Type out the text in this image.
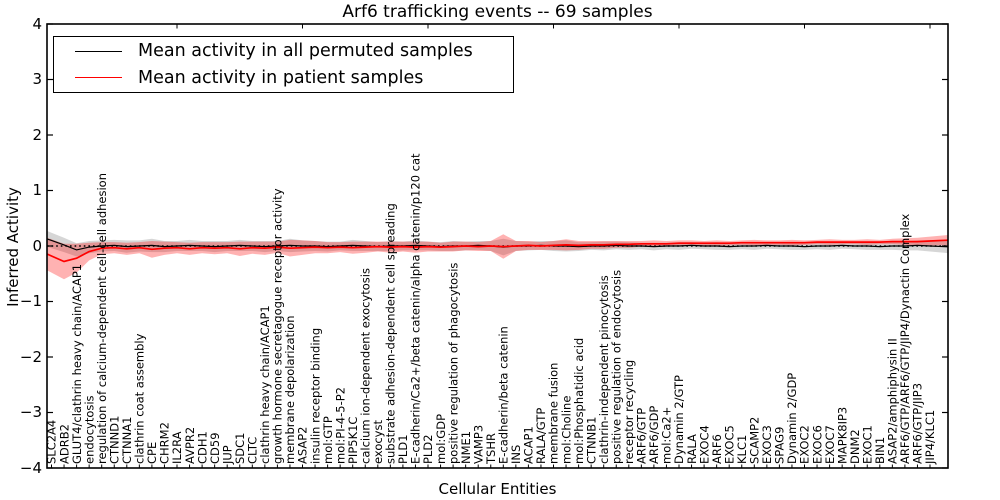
SLC2A4
ADRB2
GLUT4/clathrin heavy chain/ACAP1
endocytosis
regulation of calcium-dependent cell-cell adhesion
CTNND1
CTNNA1
clathrin coat assembly
CPE
CHRM2
IL2RA
AVPR2
CDH1
CD59
JUP
SDC1
CLTC
clathrin heavy chain/ACAP1
growth hormone secretagogue receptor activity
membrane depolarization
ASAP2
insulin receptor binding
mol:GTP
mol:PI-4-5-P2
PIP5K1C
calcium ion-dependent exocytosis
exocyst
substrate adhesion-dependent cell spreading
PLD1
E-cadherin/Ca2+/beta catenin/alpha catenin/p120 cat
PLD2
mol:GDP
positive regulation of phagocytosis
NME1
VAMP3
TSHR
E-cadherin/beta catenin
INS
ACAP1
RALA/GTP
membrane fusion
mol:Choline
mol:Phosphatidic acid
CTNNB1
clathrin-independent pinocytosis
positive regulation of endocytosis
receptor recycling
ARF6/GTP
ARF6/GDP
mol:Ca2+
Dynamin 2/GTP
RALA
EXOC4
ARF6
EXOC5
KLC1
SCAMP2
EXOC3
SPAG9
Dynamin 2/GDP
EXOC2
EXOC6
EXOC7
MAPK8IP3
DNM2
EXOC1
BIN1
ASAP2/amphiphysin II
ARF6/GTP/ARF6/GTP/JIP4/Dynactin Complex
ARF6/GTP/JIP3
JIP4/KLC1
Arf6 trafficking events -- 69 samples
Inferred Activity
4
3
2
1
0
−1
−2
−3
−4
Cellular Entities
Mean activity in all permuted samples
Mean activity in patient samples
